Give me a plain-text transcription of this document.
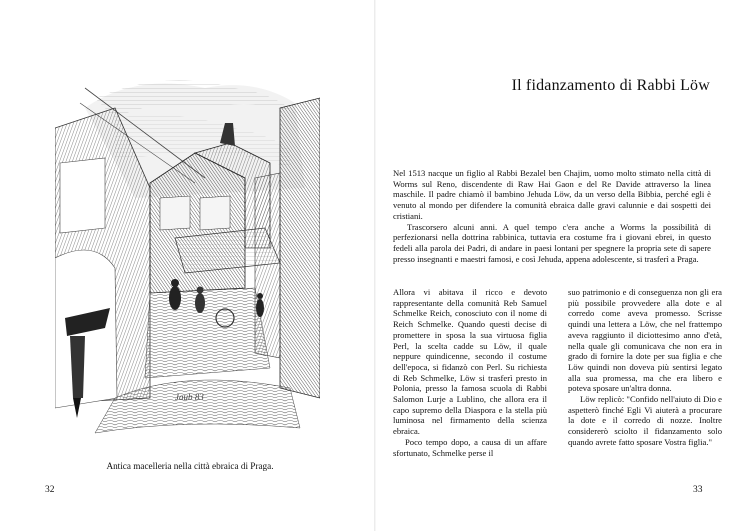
Jaub 83
Antica macelleria nella città ebraica di Praga.
32
Il fidanzamento di Rabbi Löw

Nel 1513 nacque un figlio al Rabbi Bezalel ben Chajim, uomo molto stimato nella città di Worms sul Reno, discendente di Raw Hai Gaon e del Re Davide attraverso la linea maschile. Il padre chiamò il bambino Jehuda Löw, da un verso della Bibbia, perché egli è venuto al mondo per difendere la comunità ebraica dalle gravi calunnie e dai sospetti dei cristiani.

Trascorsero alcuni anni. A quel tempo c'era anche a Worms la possibilità di perfezionarsi nella dottrina rabbinica, tuttavia era costume fra i giovani ebrei, in questo fedeli alla parola dei Padri, di andare in paesi lontani per spegnere la propria sete di sapere presso insegnanti e maestri famosi, e così Jehuda, appena adolescente, si trasferì a Praga.

Allora vi abitava il ricco e devoto rappresentante della comunità Reb Samuel Schmelke Reich, conosciuto con il nome di Reich Schmelke. Quando questi decise di promettere in sposa la sua virtuosa figlia Perl, la scelta cadde su Löw, il quale neppure quindicenne, secondo il costume dell'epoca, si fidanzò con Perl. Su richiesta di Reb Schmelke, Löw si trasferì presto in Polonia, presso la famosa scuola di Rabbi Salomon Lurje a Lublino, che allora era il capo supremo della Diaspora e la stella più luminosa nel firmamento della scienza ebraica.

Poco tempo dopo, a causa di un affare sfortunato, Schmelke perse il

suo patrimonio e di conseguenza non gli era più possibile provvedere alla dote e al corredo come aveva promesso. Scrisse quindi una lettera a Löw, che nel frattempo aveva raggiunto il diciottesimo anno d'età, nella quale gli comunicava che non era in grado di fornire la dote per sua figlia e che Löw quindi non doveva più sentirsi legato alla sua promessa, ma che era libero e poteva sposare un'altra donna.

Löw replicò: "Confido nell'aiuto di Dio e aspetterò finché Egli Vi aiuterà a procurare la dote e il corredo di nozze. Inoltre considererò sciolto il fidanzamento solo quando avrete fatto sposare Vostra figlia."

33
